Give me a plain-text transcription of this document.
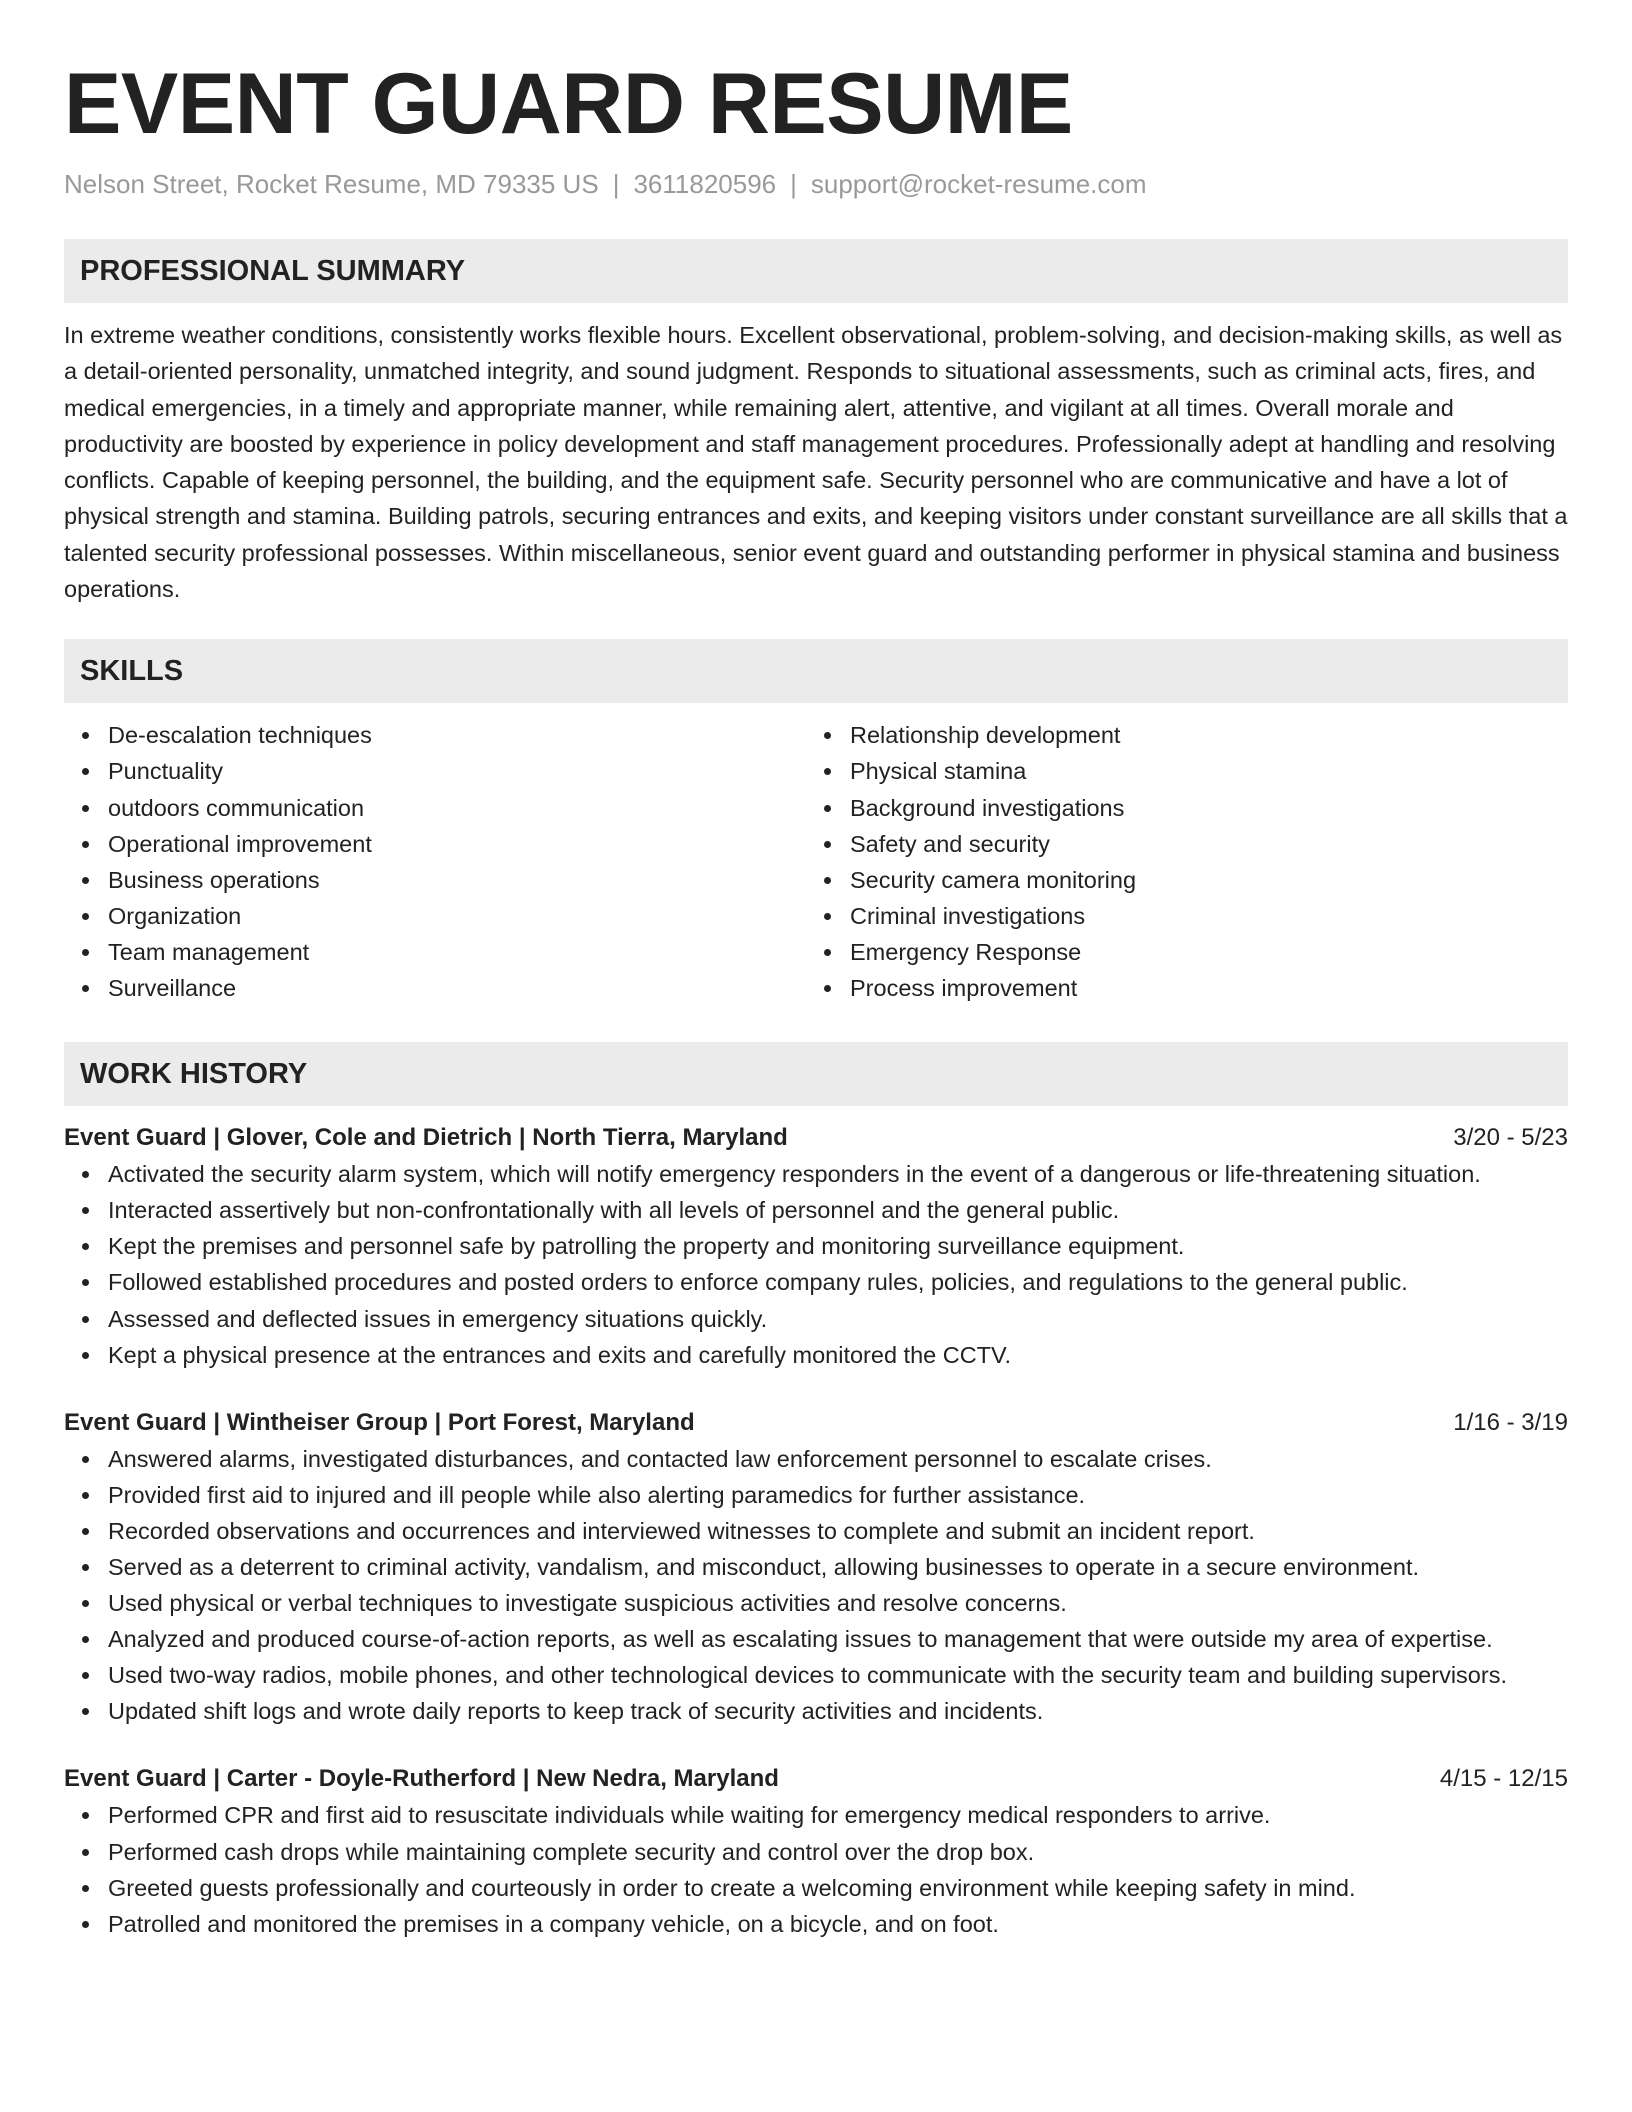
EVENT GUARD RESUME
Nelson Street, Rocket Resume, MD 79335 US | 3611820596 | support@rocket-resume.com
PROFESSIONAL SUMMARY

In extreme weather conditions, consistently works flexible hours. Excellent observational, problem-solving, and decision-making skills, as well as a detail-oriented personality, unmatched integrity, and sound judgment. Responds to situational assessments, such as criminal acts, fires, and medical emergencies, in a timely and appropriate manner, while remaining alert, attentive, and vigilant at all times. Overall morale and productivity are boosted by experience in policy development and staff management procedures. Professionally adept at handling and resolving conflicts. Capable of keeping personnel, the building, and the equipment safe. Security personnel who are communicative and have a lot of physical strength and stamina. Building patrols, securing entrances and exits, and keeping visitors under constant surveillance are all skills that a talented security professional possesses. Within miscellaneous, senior event guard and outstanding performer in physical stamina and business operations.

SKILLS
De-escalation techniques
Punctuality
outdoors communication
Operational improvement
Business operations
Organization
Team management
Surveillance
Relationship development
Physical stamina
Background investigations
Safety and security
Security camera monitoring
Criminal investigations
Emergency Response
Process improvement
WORK HISTORY
Event Guard | Glover, Cole and Dietrich | North Tierra, Maryland	3/20 - 5/23
Activated the security alarm system, which will notify emergency responders in the event of a dangerous or life-threatening situation.
Interacted assertively but non-confrontationally with all levels of personnel and the general public.
Kept the premises and personnel safe by patrolling the property and monitoring surveillance equipment.
Followed established procedures and posted orders to enforce company rules, policies, and regulations to the general public.
Assessed and deflected issues in emergency situations quickly.
Kept a physical presence at the entrances and exits and carefully monitored the CCTV.
Event Guard | Wintheiser Group | Port Forest, Maryland	1/16 - 3/19
Answered alarms, investigated disturbances, and contacted law enforcement personnel to escalate crises.
Provided first aid to injured and ill people while also alerting paramedics for further assistance.
Recorded observations and occurrences and interviewed witnesses to complete and submit an incident report.
Served as a deterrent to criminal activity, vandalism, and misconduct, allowing businesses to operate in a secure environment.
Used physical or verbal techniques to investigate suspicious activities and resolve concerns.
Analyzed and produced course-of-action reports, as well as escalating issues to management that were outside my area of expertise.
Used two-way radios, mobile phones, and other technological devices to communicate with the security team and building supervisors.
Updated shift logs and wrote daily reports to keep track of security activities and incidents.
Event Guard | Carter - Doyle-Rutherford | New Nedra, Maryland	4/15 - 12/15
Performed CPR and first aid to resuscitate individuals while waiting for emergency medical responders to arrive.
Performed cash drops while maintaining complete security and control over the drop box.
Greeted guests professionally and courteously in order to create a welcoming environment while keeping safety in mind.
Patrolled and monitored the premises in a company vehicle, on a bicycle, and on foot.
